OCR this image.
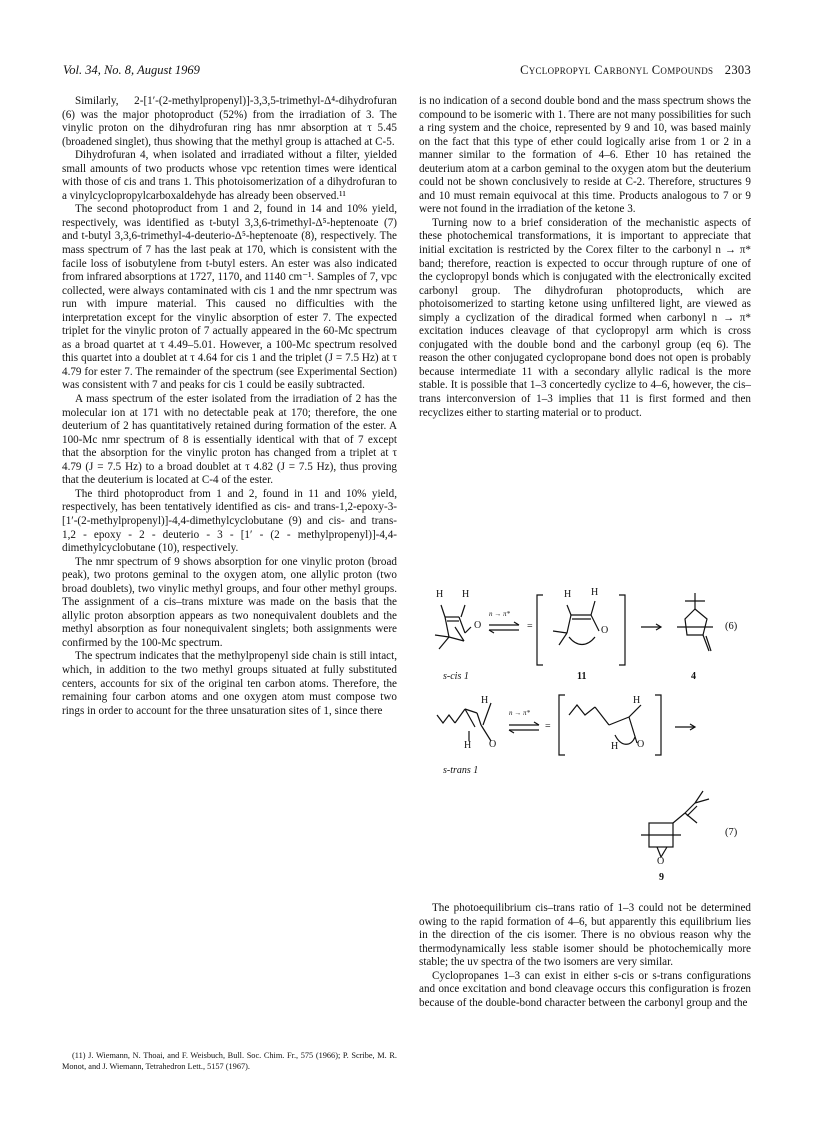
Vol. 34, No. 8, August 1969	Cyclopropyl Carbonyl Compounds 2303

Similarly, 2-[1′-(2-methylpropenyl)]-3,3,5-trimethyl-Δ⁴-dihydrofuran (6) was the major photoproduct (52%) from the irradiation of 3. The vinylic proton on the dihydrofuran ring has nmr absorption at τ 5.45 (broadened singlet), thus showing that the methyl group is attached at C-5.

Dihydrofuran 4, when isolated and irradiated without a filter, yielded small amounts of two products whose vpc retention times were identical with those of cis and trans 1. This photoisomerization of a dihydrofuran to a vinylcyclopropylcarboxaldehyde has already been observed.¹¹

The second photoproduct from 1 and 2, found in 14 and 10% yield, respectively, was identified as t-butyl 3,3,6-trimethyl-Δ⁵-heptenoate (7) and t-butyl 3,3,6-trimethyl-4-deuterio-Δ⁵-heptenoate (8), respectively. The mass spectrum of 7 has the last peak at 170, which is consistent with the facile loss of isobutylene from t-butyl esters. An ester was also indicated from infrared absorptions at 1727, 1170, and 1140 cm⁻¹. Samples of 7, vpc collected, were always contaminated with cis 1 and the nmr spectrum was run with impure material. This caused no difficulties with the interpretation except for the vinylic absorption of ester 7. The expected triplet for the vinylic proton of 7 actually appeared in the 60-Mc spectrum as a broad quartet at τ 4.49–5.01. However, a 100-Mc spectrum resolved this quartet into a doublet at τ 4.64 for cis 1 and the triplet (J = 7.5 Hz) at τ 4.79 for ester 7. The remainder of the spectrum (see Experimental Section) was consistent with 7 and peaks for cis 1 could be easily subtracted.

A mass spectrum of the ester isolated from the irradiation of 2 has the molecular ion at 171 with no detectable peak at 170; therefore, the one deuterium of 2 has quantitatively retained during formation of the ester. A 100-Mc nmr spectrum of 8 is essentially identical with that of 7 except that the absorption for the vinylic proton has changed from a triplet at τ 4.79 (J = 7.5 Hz) to a broad doublet at τ 4.82 (J = 7.5 Hz), thus proving that the deuterium is located at C-4 of the ester.

The third photoproduct from 1 and 2, found in 11 and 10% yield, respectively, has been tentatively identified as cis- and trans-1,2-epoxy-3-[1′-(2-methylpropenyl)]-4,4-dimethylcyclobutane (9) and cis- and trans-1,2 - epoxy - 2 - deuterio - 3 - [1′ - (2 - methylpropenyl)]-4,4-dimethylcyclobutane (10), respectively.

The nmr spectrum of 9 shows absorption for one vinylic proton (broad peak), two protons geminal to the oxygen atom, one allylic proton (two broad doublets), two vinylic methyl groups, and four other methyl groups. The assignment of a cis–trans mixture was made on the basis that the allylic proton absorption appears as two nonequivalent doublets and the methyl absorption as four nonequivalent singlets; both assignments were confirmed by the 100-Mc spectrum.

The spectrum indicates that the methylpropenyl side chain is still intact, which, in addition to the two methyl groups situated at fully substituted centers, accounts for six of the original ten carbon atoms. Therefore, the remaining four carbon atoms and one oxygen atom must compose two rings in order to account for the three unsaturation sites of 1, since there

(11) J. Wiemann, N. Thoai, and F. Weisbuch, Bull. Soc. Chim. Fr., 575 (1966); P. Scribe, M. R. Monot, and J. Wiemann, Tetrahedron Lett., 5157 (1967).

is no indication of a second double bond and the mass spectrum shows the compound to be isomeric with 1. There are not many possibilities for such a ring system and the choice, represented by 9 and 10, was based mainly on the fact that this type of ether could logically arise from 1 or 2 in a manner similar to the formation of 4–6. Ether 10 has retained the deuterium atom at a carbon geminal to the oxygen atom but the deuterium could not be shown conclusively to reside at C-2. Therefore, structures 9 and 10 must remain equivocal at this time. Products analogous to 7 or 9 were not found in the irradiation of the ketone 3.

Turning now to a brief consideration of the mechanistic aspects of these photochemical transformations, it is important to appreciate that initial excitation is restricted by the Corex filter to the carbonyl n → π* band; therefore, reaction is expected to occur through rupture of one of the cyclopropyl bonds which is conjugated with the electronically excited carbonyl group. The dihydrofuran photoproducts, which are photoisomerized to starting ketone using unfiltered light, are viewed as simply a cyclization of the diradical formed when carbonyl n → π* excitation induces cleavage of that cyclopropyl arm which is cross conjugated with the double bond and the carbonyl group (eq 6). The reason the other conjugated cyclopropane bond does not open is probably because intermediate 11 with a secondary allylic radical is the more stable. It is possible that 1–3 concertedly cyclize to 4–6, however, the cis–trans interconversion of 1–3 implies that 11 is first formed and then recyclizes either to starting material or to product.

H H
O
n → π*
=
H H
O
s-cis 1	11	4
(6)
H
H O
n → π*
=
H
H O
s-trans 1
O
9
(7)

The photoequilibrium cis–trans ratio of 1–3 could not be determined owing to the rapid formation of 4–6, but apparently this equilibrium lies in the direction of the cis isomer. There is no obvious reason why the thermodynamically less stable isomer should be photochemically more stable; the uv spectra of the two isomers are very similar.

Cyclopropanes 1–3 can exist in either s-cis or s-trans configurations and once excitation and bond cleavage occurs this configuration is frozen because of the double-bond character between the carbonyl group and the
